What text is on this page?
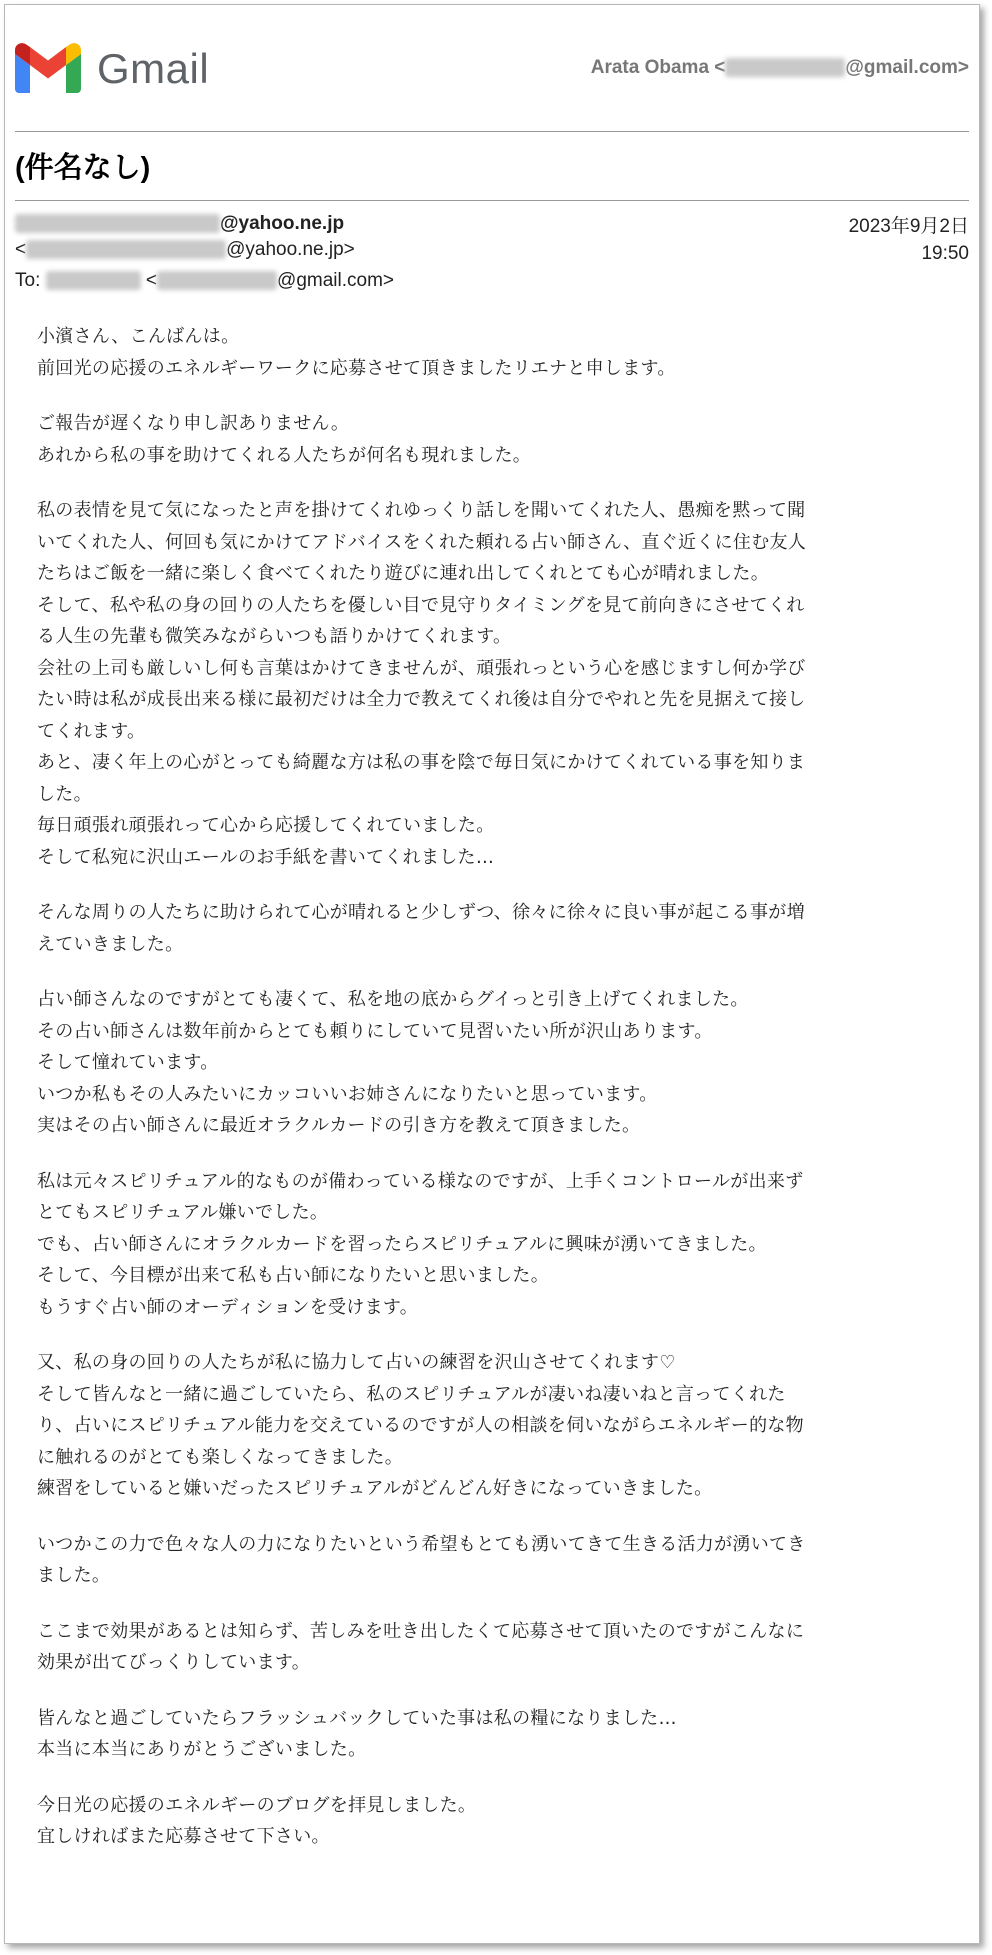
Gmail	Arata Obama <	@gmail.com>
(件名なし)
@yahoo.ne.jp
<	@yahoo.ne.jp>
To:	<	@gmail.com>
2023年9月2日
19:50
小濱さん、こんばんは。
前回光の応援のエネルギーワークに応募させて頂きましたリエナと申します。
ご報告が遅くなり申し訳ありません。
あれから私の事を助けてくれる人たちが何名も現れました。
私の表情を見て気になったと声を掛けてくれゆっくり話しを聞いてくれた人、愚痴を黙って聞
いてくれた人、何回も気にかけてアドバイスをくれた頼れる占い師さん、直ぐ近くに住む友人
たちはご飯を一緒に楽しく食べてくれたり遊びに連れ出してくれとても心が晴れました。
そして、私や私の身の回りの人たちを優しい目で見守りタイミングを見て前向きにさせてくれ
る人生の先輩も微笑みながらいつも語りかけてくれます。
会社の上司も厳しいし何も言葉はかけてきませんが、頑張れっという心を感じますし何か学び
たい時は私が成長出来る様に最初だけは全力で教えてくれ後は自分でやれと先を見据えて接し
てくれます。
あと、凄く年上の心がとっても綺麗な方は私の事を陰で毎日気にかけてくれている事を知りま
した。
毎日頑張れ頑張れって心から応援してくれていました。
そして私宛に沢山エールのお手紙を書いてくれました…
そんな周りの人たちに助けられて心が晴れると少しずつ、徐々に徐々に良い事が起こる事が増
えていきました。
占い師さんなのですがとても凄くて、私を地の底からグイっと引き上げてくれました。
その占い師さんは数年前からとても頼りにしていて見習いたい所が沢山あります。
そして憧れています。
いつか私もその人みたいにカッコいいお姉さんになりたいと思っています。
実はその占い師さんに最近オラクルカードの引き方を教えて頂きました。
私は元々スピリチュアル的なものが備わっている様なのですが、上手くコントロールが出来ず
とてもスピリチュアル嫌いでした。
でも、占い師さんにオラクルカードを習ったらスピリチュアルに興味が湧いてきました。
そして、今目標が出来て私も占い師になりたいと思いました。
もうすぐ占い師のオーディションを受けます。
又、私の身の回りの人たちが私に協力して占いの練習を沢山させてくれます♡
そして皆んなと一緒に過ごしていたら、私のスピリチュアルが凄いね凄いねと言ってくれた
り、占いにスピリチュアル能力を交えているのですが人の相談を伺いながらエネルギー的な物
に触れるのがとても楽しくなってきました。
練習をしていると嫌いだったスピリチュアルがどんどん好きになっていきました。
いつかこの力で色々な人の力になりたいという希望もとても湧いてきて生きる活力が湧いてき
ました。
ここまで効果があるとは知らず、苦しみを吐き出したくて応募させて頂いたのですがこんなに
効果が出てびっくりしています。
皆んなと過ごしていたらフラッシュバックしていた事は私の糧になりました…
本当に本当にありがとうございました。
今日光の応援のエネルギーのブログを拝見しました。
宜しければまた応募させて下さい。
